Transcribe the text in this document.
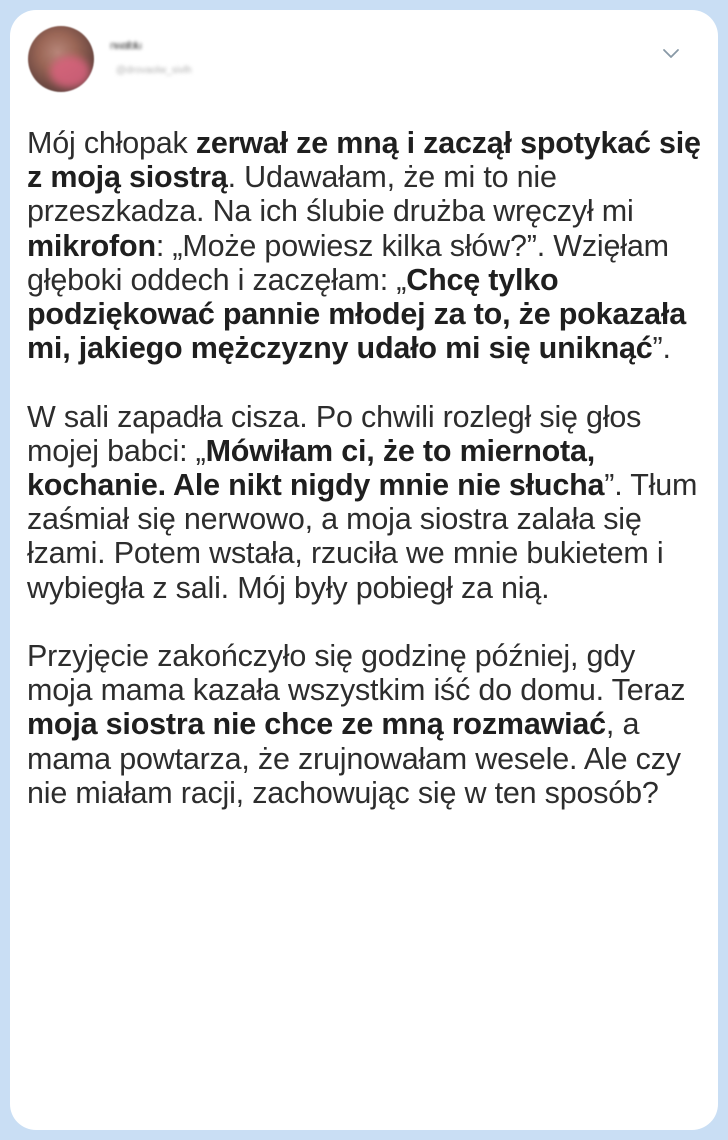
nwafolu
@drovaolw_sivlh

Mój chłopak zerwał ze mną i zaczął spotykać się z moją siostrą. Udawałam, że mi to nie przeszkadza. Na ich ślubie drużba wręczył mi mikrofon: „Może powiesz kilka słów?”. Wzięłam głęboki oddech i zaczęłam: „Chcę tylko podziękować pannie młodej za to, że pokazała mi, jakiego mężczyzny udało mi się uniknąć”.

W sali zapadła cisza. Po chwili rozległ się głos mojej babci: „Mówiłam ci, że to miernota, kochanie. Ale nikt nigdy mnie nie słucha”. Tłum zaśmiał się nerwowo, a moja siostra zalała się łzami. Potem wstała, rzuciła we mnie bukietem i wybiegła z sali. Mój były pobiegł za nią.

Przyjęcie zakończyło się godzinę później, gdy moja mama kazała wszystkim iść do domu. Teraz moja siostra nie chce ze mną rozmawiać, a mama powtarza, że zrujnowałam wesele. Ale czy nie miałam racji, zachowując się w ten sposób?
